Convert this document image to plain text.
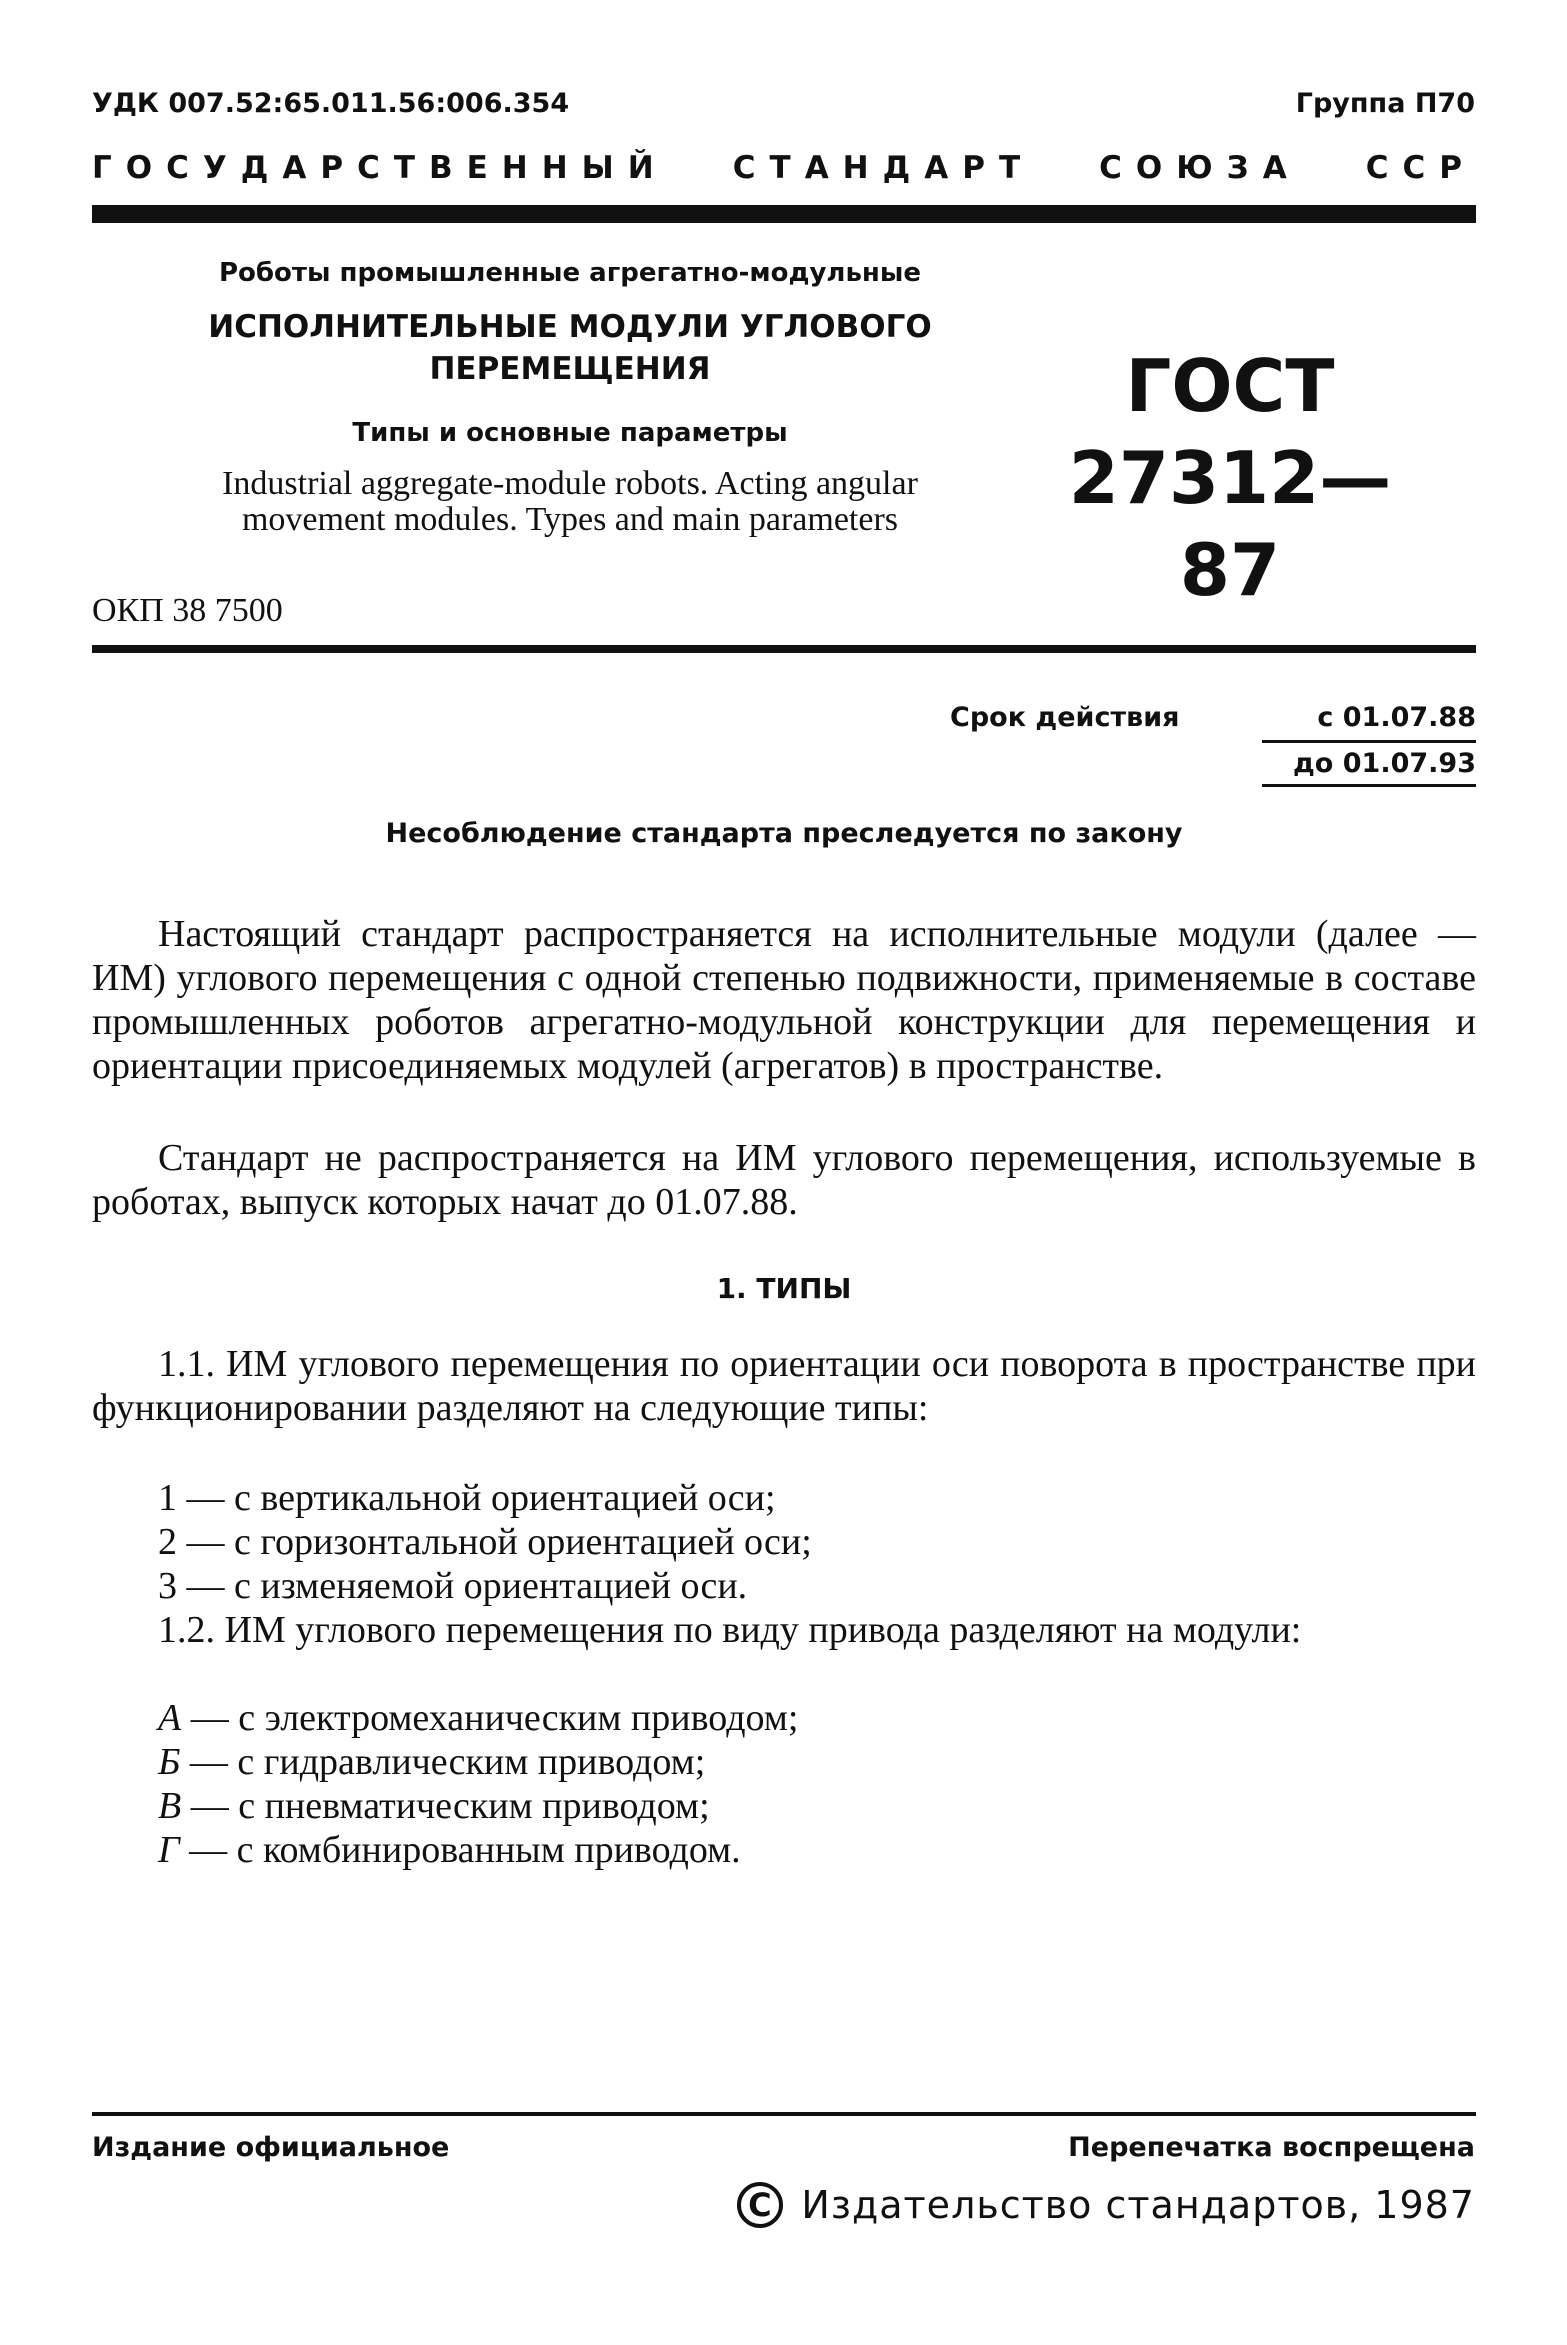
УДК 007.52:65.011.56:006.354	Группа П70
ГОСУДАРСТВЕННЫЙ СТАНДАРТ СОЮЗА ССР
Роботы промышленные агрегатно-модульные
ИСПОЛНИТЕЛЬНЫЕ МОДУЛИ УГЛОВОГО ПЕРЕМЕЩЕНИЯ
Типы и основные параметры
Industrial aggregate-module robots. Acting angular movement modules. Types and main parameters
ОКП 38 7500
ГОСТ
27312—87
Срок действия	с 01.07.88
до 01.07.93
Несоблюдение стандарта преследуется по закону
Настоящий стандарт распространяется на исполнительные модули (далее — ИМ) углового перемещения с одной степенью подвижности, применяемые в составе промышленных роботов агрегатно-модульной конструкции для перемещения и ориентации присоединяемых модулей (агрегатов) в пространстве.
Стандарт не распространяется на ИМ углового перемещения, используемые в роботах, выпуск которых начат до 01.07.88.
1. ТИПЫ
1.1. ИМ углового перемещения по ориентации оси поворота в пространстве при функционировании разделяют на следующие типы:
1 — с вертикальной ориентацией оси;
2 — с горизонтальной ориентацией оси;
3 — с изменяемой ориентацией оси.
1.2. ИМ углового перемещения по виду привода разделяют на модули:
А — с электромеханическим приводом;
Б — с гидравлическим приводом;
В — с пневматическим приводом;
Г — с комбинированным приводом.
Издание официальное	Перепечатка воспрещена
C Издательство стандартов, 1987
